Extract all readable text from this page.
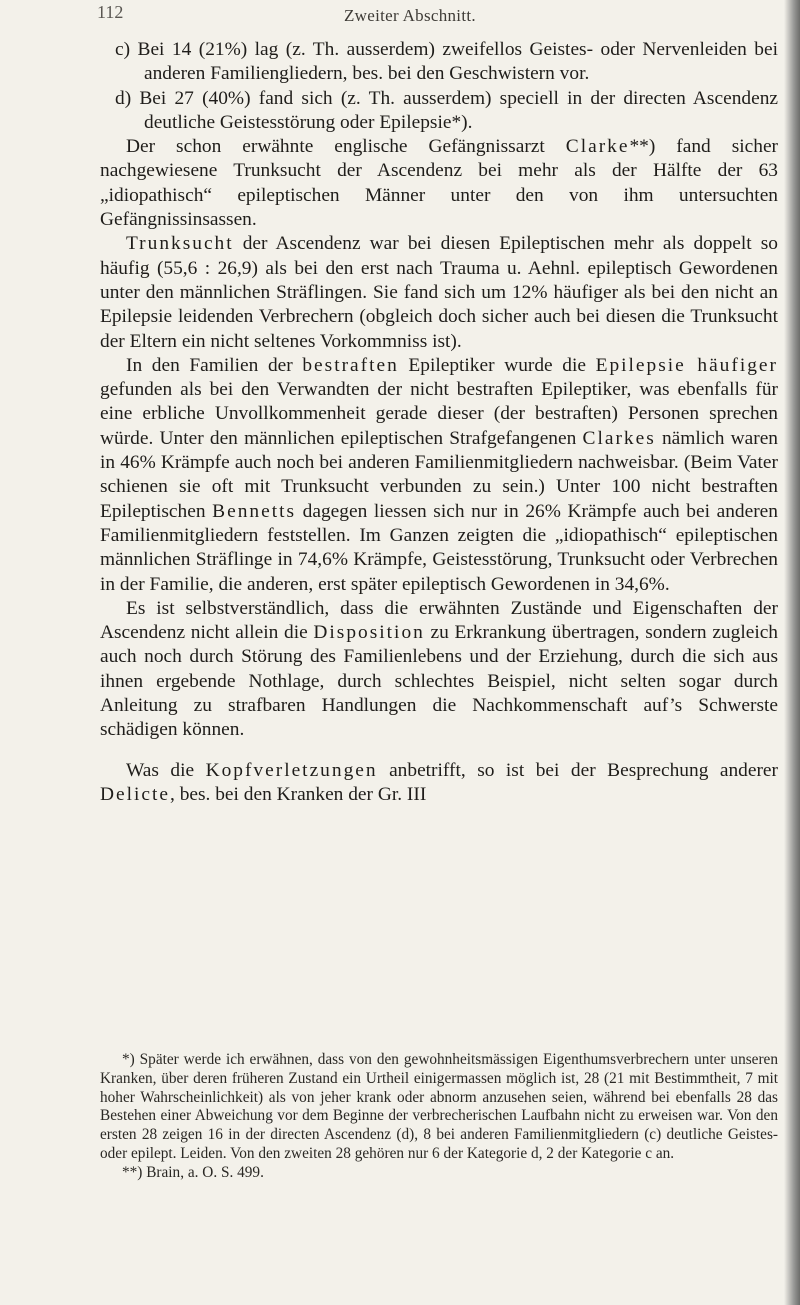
112	Zweiter Abschnitt.

c) Bei 14 (21%) lag (z. Th. ausserdem) zweifellos Geistes- oder Nervenleiden bei anderen Familiengliedern, bes. bei den Geschwistern vor.

d) Bei 27 (40%) fand sich (z. Th. ausserdem) speciell in der directen Ascendenz deutliche Geistesstörung oder Epilepsie*).

Der schon erwähnte englische Gefängnissarzt Clarke**) fand sicher nachgewiesene Trunksucht der Ascendenz bei mehr als der Hälfte der 63 „idiopathisch“ epileptischen Männer unter den von ihm untersuchten Gefängnissinsassen.

Trunksucht der Ascendenz war bei diesen Epileptischen mehr als doppelt so häufig (55,6 : 26,9) als bei den erst nach Trauma u. Aehnl. epileptisch Gewordenen unter den männlichen Sträflingen. Sie fand sich um 12% häufiger als bei den nicht an Epilepsie leidenden Verbrechern (obgleich doch sicher auch bei diesen die Trunksucht der Eltern ein nicht seltenes Vorkommniss ist).

In den Familien der bestraften Epileptiker wurde die Epilepsie häufiger gefunden als bei den Verwandten der nicht bestraften Epileptiker, was ebenfalls für eine erbliche Unvollkommenheit gerade dieser (der bestraften) Personen sprechen würde. Unter den männlichen epileptischen Strafgefangenen Clarkes nämlich waren in 46% Krämpfe auch noch bei anderen Familienmitgliedern nachweisbar. (Beim Vater schienen sie oft mit Trunksucht verbunden zu sein.) Unter 100 nicht bestraften Epileptischen Bennetts dagegen liessen sich nur in 26% Krämpfe auch bei anderen Familienmitgliedern feststellen. Im Ganzen zeigten die „idiopathisch“ epileptischen männlichen Sträflinge in 74,6% Krämpfe, Geistesstörung, Trunksucht oder Verbrechen in der Familie, die anderen, erst später epileptisch Gewordenen in 34,6%.

Es ist selbstverständlich, dass die erwähnten Zustände und Eigenschaften der Ascendenz nicht allein die Disposition zu Erkrankung übertragen, sondern zugleich auch noch durch Störung des Familienlebens und der Erziehung, durch die sich aus ihnen ergebende Nothlage, durch schlechtes Beispiel, nicht selten sogar durch Anleitung zu strafbaren Handlungen die Nachkommenschaft auf’s Schwerste schädigen können.

Was die Kopfverletzungen anbetrifft, so ist bei der Besprechung anderer Delicte, bes. bei den Kranken der Gr. III

*) Später werde ich erwähnen, dass von den gewohnheitsmässigen Eigenthumsverbrechern unter unseren Kranken, über deren früheren Zustand ein Urtheil einigermassen möglich ist, 28 (21 mit Bestimmtheit, 7 mit hoher Wahrscheinlichkeit) als von jeher krank oder abnorm anzusehen seien, während bei ebenfalls 28 das Bestehen einer Abweichung vor dem Beginne der verbrecherischen Laufbahn nicht zu erweisen war. Von den ersten 28 zeigen 16 in der directen Ascendenz (d), 8 bei anderen Familienmitgliedern (c) deutliche Geistes- oder epilept. Leiden. Von den zweiten 28 gehören nur 6 der Kategorie d, 2 der Kategorie c an.

**) Brain, a. O. S. 499.
